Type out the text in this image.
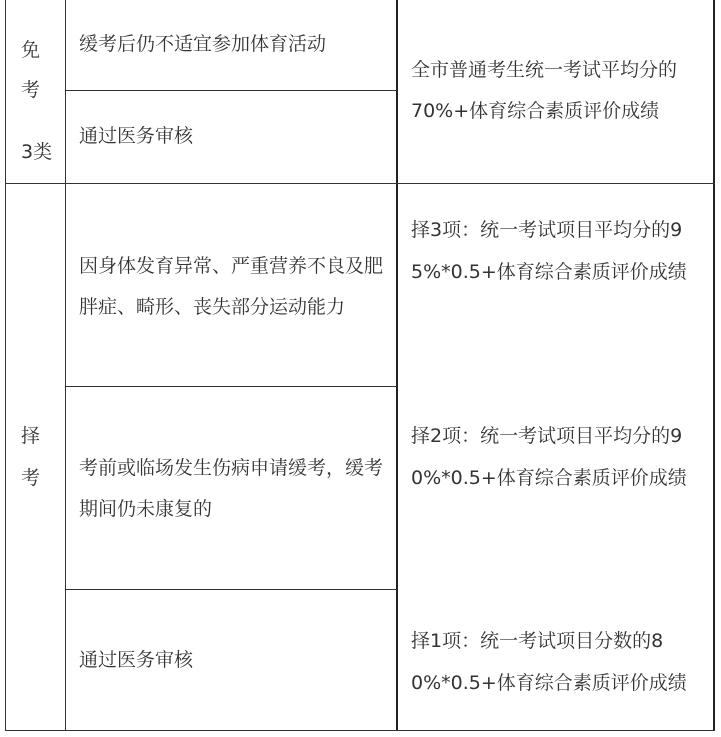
免
考
3类
缓考后仍不适宜参加体育活动
通过医务审核
全市普通考生统一考试平均分的
70%+体育综合素质评价成绩
择
考
因身体发育异常、严重营养不良及肥胖症、畸形、丧失部分运动能力
考前或临场发生伤病申请缓考，缓考期间仍未康复的
通过医务审核
择3项：统一考试项目平均分的9
5%*0.5+体育综合素质评价成绩
择2项：统一考试项目平均分的9
0%*0.5+体育综合素质评价成绩
择1项：统一考试项目分数的8
0%*0.5+体育综合素质评价成绩
